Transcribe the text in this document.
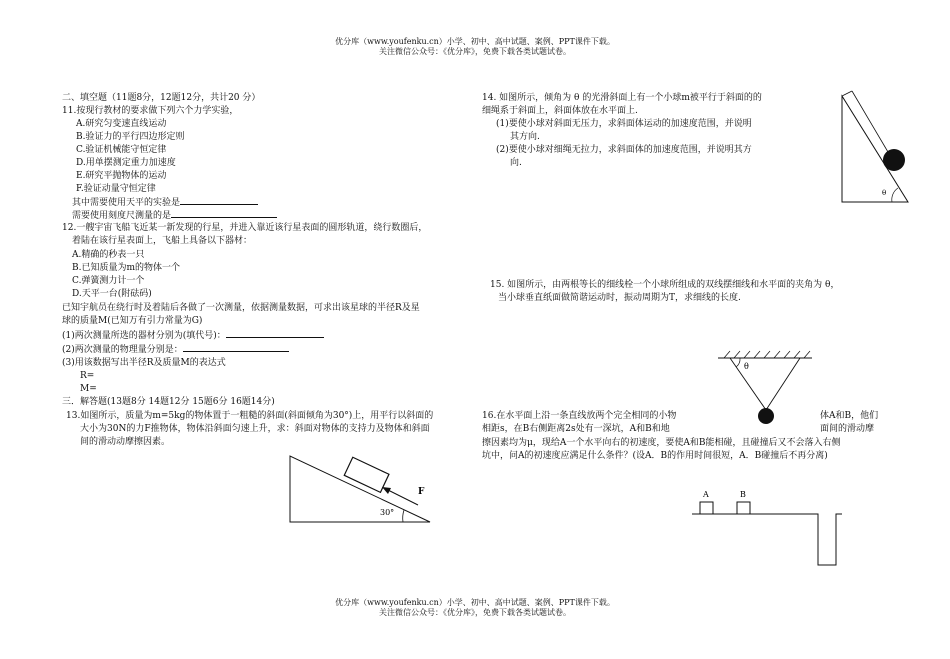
优分库（www.youfenku.cn）小学、初中、高中试题、案例、PPT课件下载。
关注微信公众号：《优分库》，免费下载各类试题试卷。
二、填空题（11题8分，12题12分，共计20 分）
11.按现行教材的要求做下列六个力学实验，
A.研究匀变速直线运动
B.验证力的平行四边形定则
C.验证机械能守恒定律
D.用单摆测定重力加速度
E.研究平抛物体的运动
F.验证动量守恒定律
其中需要使用天平的实验是
需要使用刻度尺测量的是
12.一艘宇宙飞船飞近某一新发现的行星，并进入靠近该行星表面的圆形轨道，绕行数圈后，
着陆在该行星表面上，飞船上具备以下器材：
A.精确的秒表一只
B.已知质量为m的物体一个
C.弹簧测力计一个
D.天平一台(附砝码)
已知宇航员在绕行时及着陆后各做了一次测量，依据测量数据，可求出该星球的半径R及星
球的质量M(已知万有引力常量为G)
(1)两次测量所选的器材分别为(填代号)：
(2)两次测量的物理量分别是：
(3)用该数据写出半径R及质量M的表达式
R=
M=
三．解答题(13题8分 14题12分 15题6分 16题14分)
13.如图所示，质量为m=5kg的物体置于一粗糙的斜面(斜面倾角为30°)上，用平行以斜面的
大小为30N的力F推物体，物体沿斜面匀速上升，求：斜面对物体的支持力及物体和斜面
间的滑动动摩擦因素。
F
30°
14. 如图所示，倾角为 θ 的光滑斜面上有一个小球m被平行于斜面的的
细绳系于斜面上，斜面体放在水平面上.
(1)要使小球对斜面无压力，求斜面体运动的加速度范围，并说明
其方向.
(2)要使小球对细绳无拉力，求斜面体的加速度范围，并说明其方
向.
θ
15. 如图所示，由两根等长的细线栓一个小球所组成的双线摆细线和水平面的夹角为 θ，
当小球垂直纸面做简谐运动时，振动周期为T，求细线的长度.
θ
16.在水平面上沿一条直线放两个完全相同的小物	体A和B，他们
相距s，在B右侧距离2s处有一深坑，A和B和地	面间的滑动摩
擦因素均为μ，现给A一个水平向右的初速度，要使A和B能相碰，且碰撞后又不会落入右侧
坑中，问A的初速度应满足什么条件？(设A．B的作用时间很短，A．B碰撞后不再分离)
A	B
优分库（www.youfenku.cn）小学、初中、高中试题、案例、PPT课件下载。
关注微信公众号：《优分库》，免费下载各类试题试卷。
